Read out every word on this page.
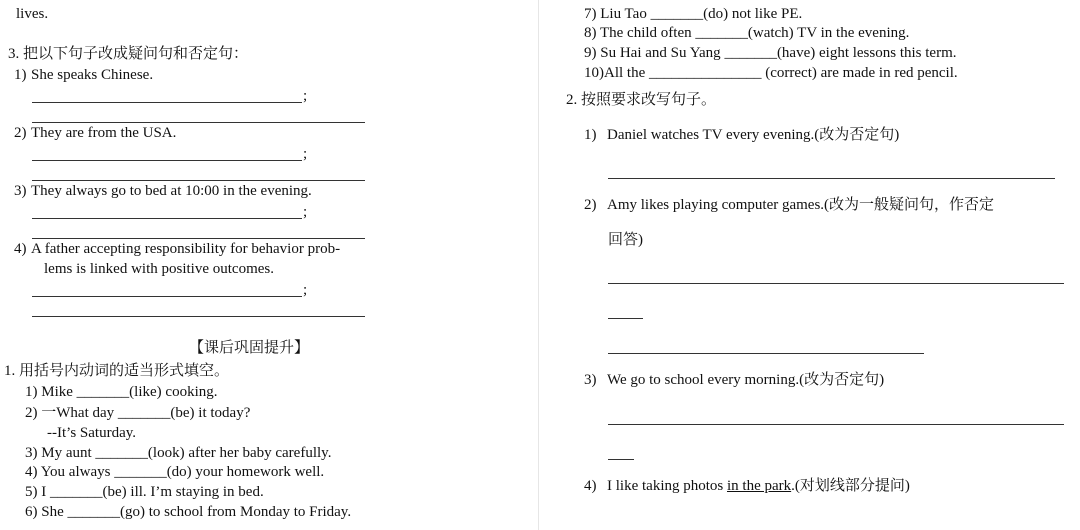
lives.
3. 把以下句子改成疑问句和否定句：
1) She speaks Chinese.
;
2) They are from the USA.
;
3) They always go to bed at 10:00 in the evening.
;
4) A father accepting responsibility for behavior prob-
lems is linked with positive outcomes.
;
【课后巩固提升】
1. 用括号内动词的适当形式填空。
1) Mike _______(like) cooking.
2) 一What day _______(be) it today?
--It’s Saturday.
3) My aunt _______(look) after her baby carefully.
4) You always _______(do) your homework well.
5) I _______(be) ill. I’m staying in bed.
6) She _______(go) to school from Monday to Friday.
7) Liu Tao _______(do) not like PE.
8) The child often _______(watch) TV in the evening.
9) Su Hai and Su Yang _______(have) eight lessons this term.
10)All the _______________ (correct) are made in red pencil.
2. 按照要求改写句子。
1) Daniel watches TV every evening.(改为否定句)
2) Amy likes playing computer games.(改为一般疑问句，作否定
回答)
3) We go to school every morning.(改为否定句)
4) I like taking photos in the park.(对划线部分提问)
